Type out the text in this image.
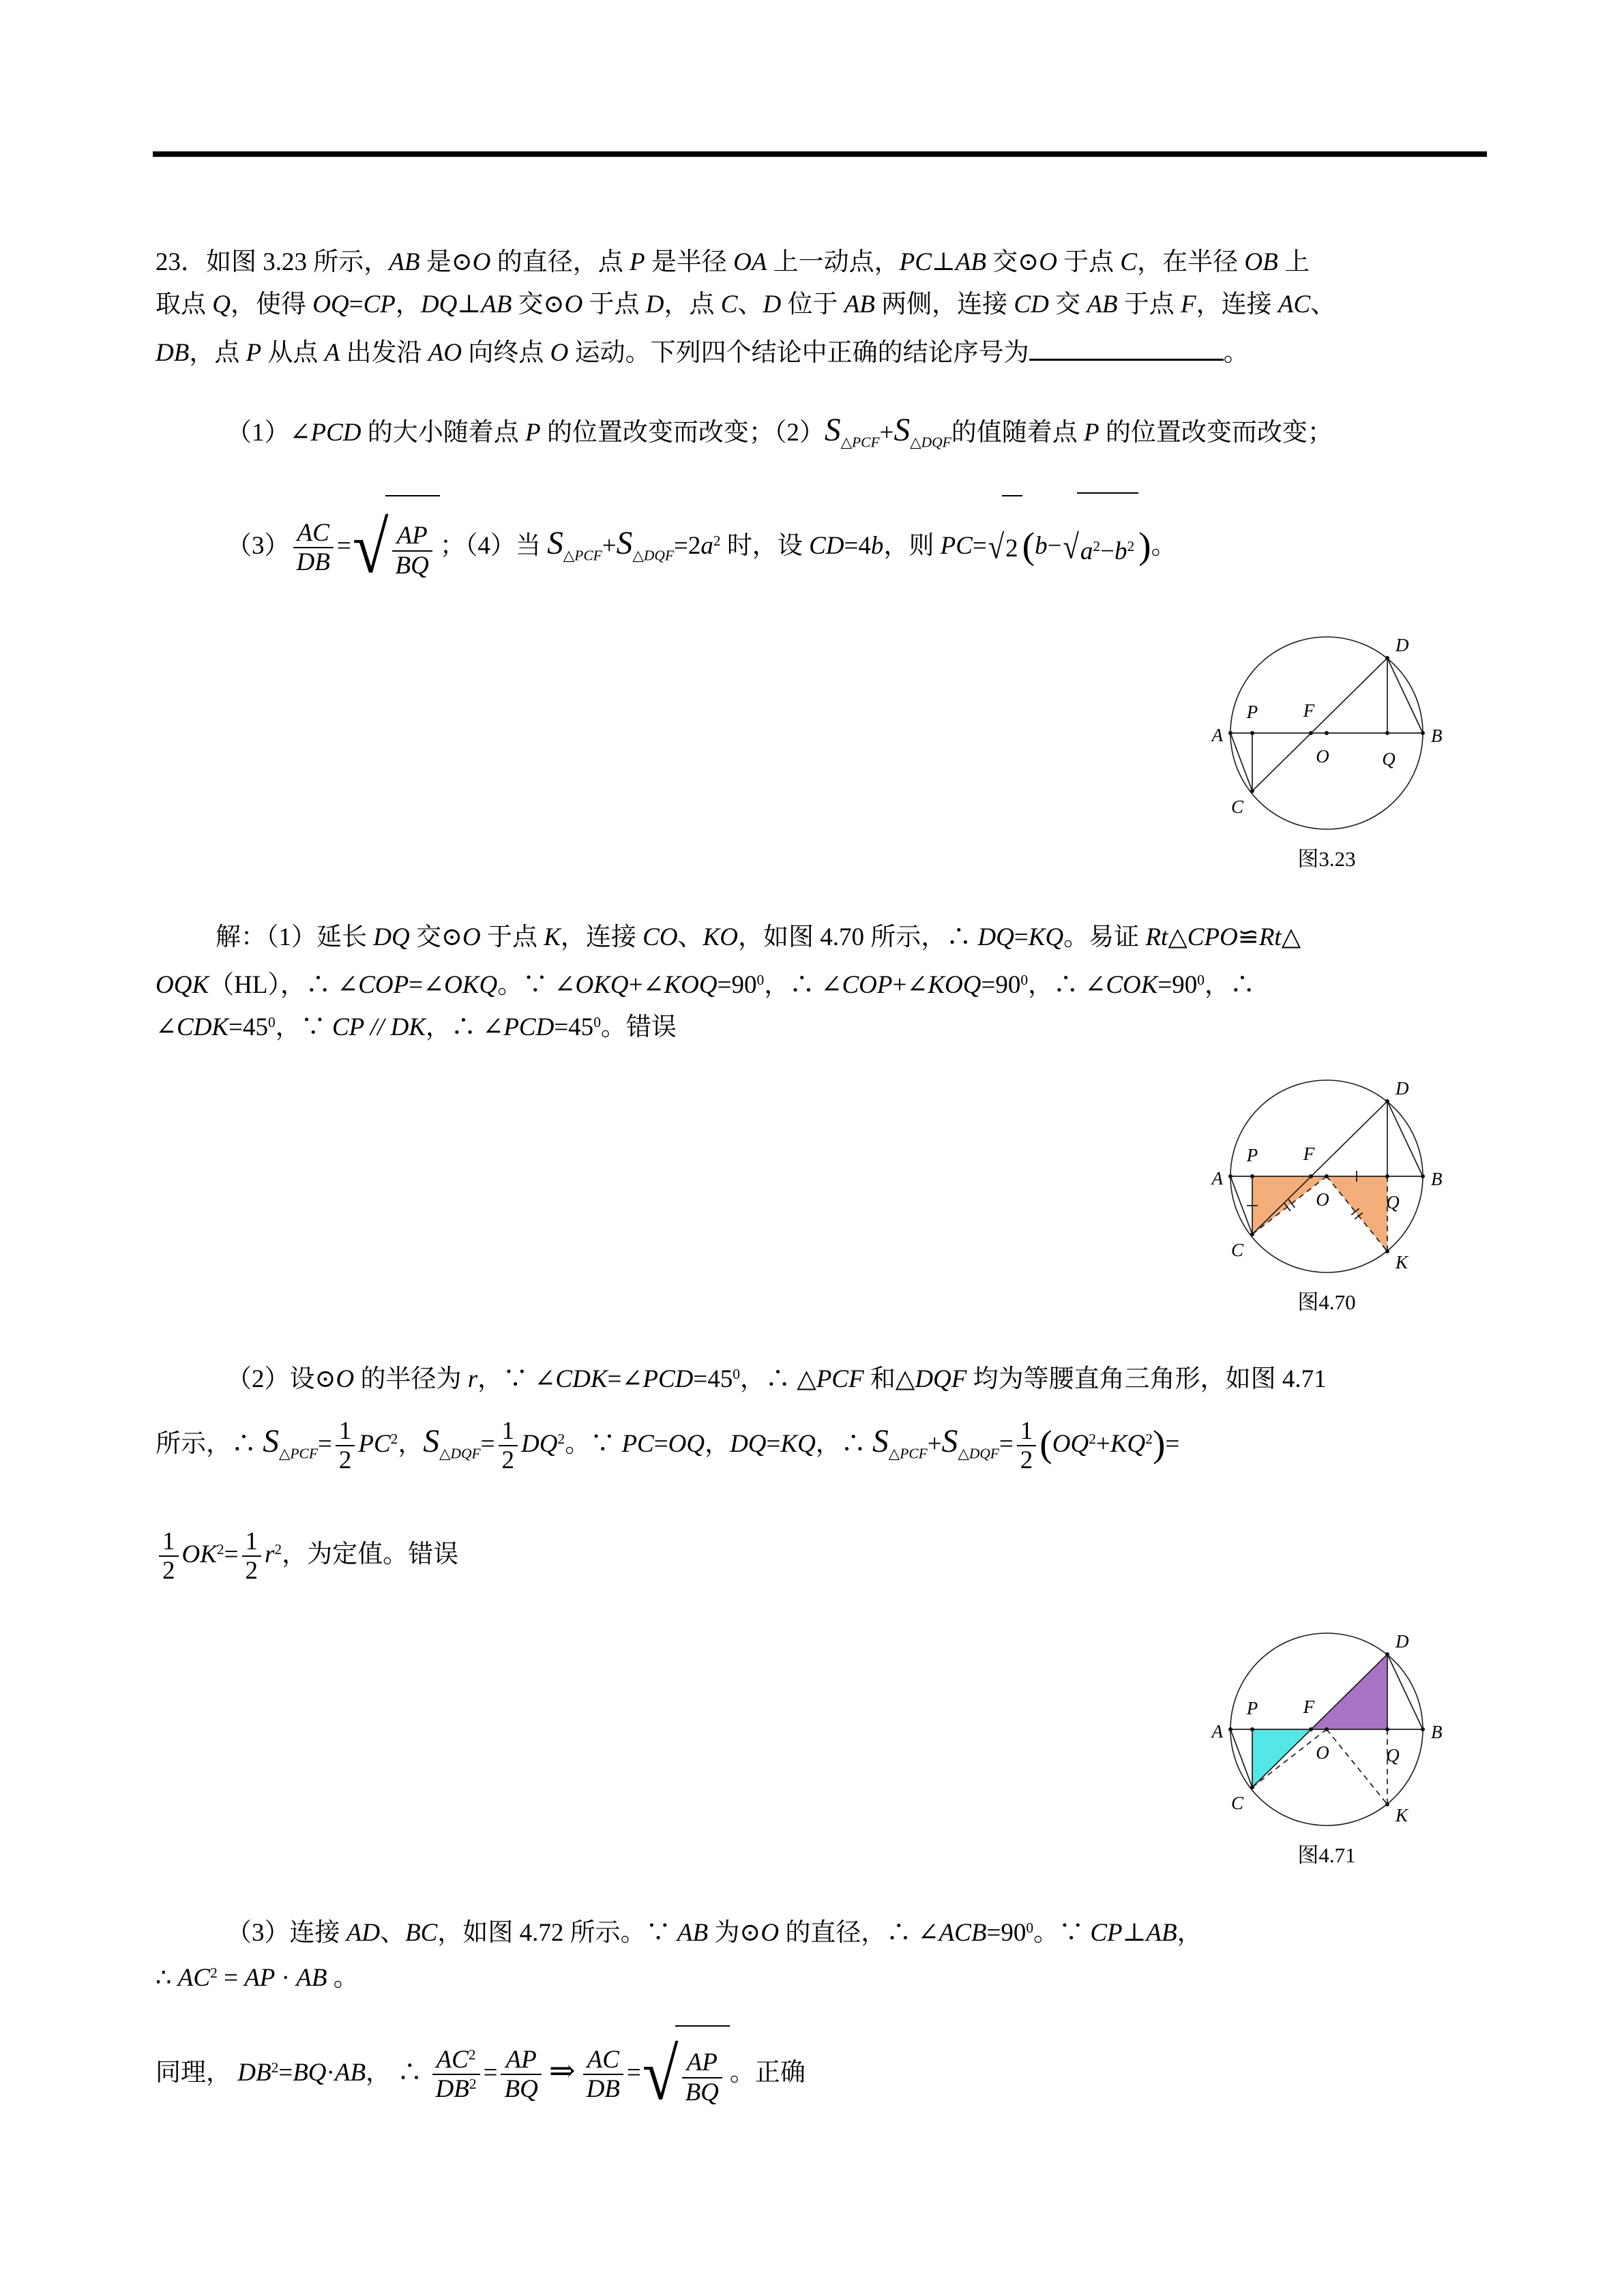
23．如图 3.23 所示，AB 是⊙O 的直径，点 P 是半径 OA 上一动点，PC⊥AB 交⊙O 于点 C，在半径 OB 上
取点 Q，使得 OQ=CP，DQ⊥AB 交⊙O 于点 D，点 C、D 位于 AB 两侧，连接 CD 交 AB 于点 F，连接 AC、
DB，点 P 从点 A 出发沿 AO 向终点 O 运动。下列四个结论中正确的结论序号为	。
（1）∠PCD 的大小随着点 P 的位置改变而改变；$(2)S_{\triangle PCF}+S_{\triangle DQF}$的值随着点 P 的位置改变而改变；
$(3) \frac{AC}{DB}$ = √ $\frac{AP}{BQ}$ ；（4）当 $S_{\triangle PCF}+S_{\triangle DQF}=2a^2$ 时，设 CD=4b，则 PC= √ 2 (b− √ $a^2-b^2$ )。
A
P F
O	Q
B
D
C
图3.23
解：（1）延长 DQ 交⊙O 于点 K，连接 CO、KO，如图 4.70 所示，∴ DQ=KQ。易证 Rt△CPO≌Rt△
OQK（HL），∴ ∠COP=∠OKQ。∵ $\angle OKQ+\angle KOQ=90^0$，∴ $\angle COP+\angle KOQ=90^0$，∴ $\angle COK=90^0$，∴
$\angle CDK=45^0$，∵ CP // DK，∴ $\angle PCD=45^0$。错误
A
P F
O	Q
B
D
C
K
图4.70
（2）设⊙O 的半径为 r，∵ $\angle CDK=\angle PCD=45^0$，∴ △PCF 和△DQF 均为等腰直角三角形，如图 4.71
所示，∴ $S_{\triangle PCF}= \frac{1}{2} PC^2$，$S_{\triangle DQF}= \frac{1}{2} DQ^2$。∵ PC=OQ，DQ=KQ，∴ $S_{\triangle PCF}+S_{\triangle DQF}= \frac{1}{2} (OQ^2+KQ^2)=$
$\frac{1}{2} OK^2= \frac{1}{2} r^2$，为定值。错误
A
P F
O	Q
B
D
C
K
图4.71
（3）连接 AD、BC，如图 4.72 所示。∵ AB 为⊙O 的直径，∴ $\angle ACB=90^0$。∵ CP⊥AB，
∴ $AC^2$ = AP · AB 。
同理， $DB^2=BQ\cdot AB$， ∴ $\frac{AC^2}{DB^2} = \frac{AP}{BQ}$ ⇒ $\frac{AC}{DB}$ = √ $\frac{AP}{BQ}$ 。正确
